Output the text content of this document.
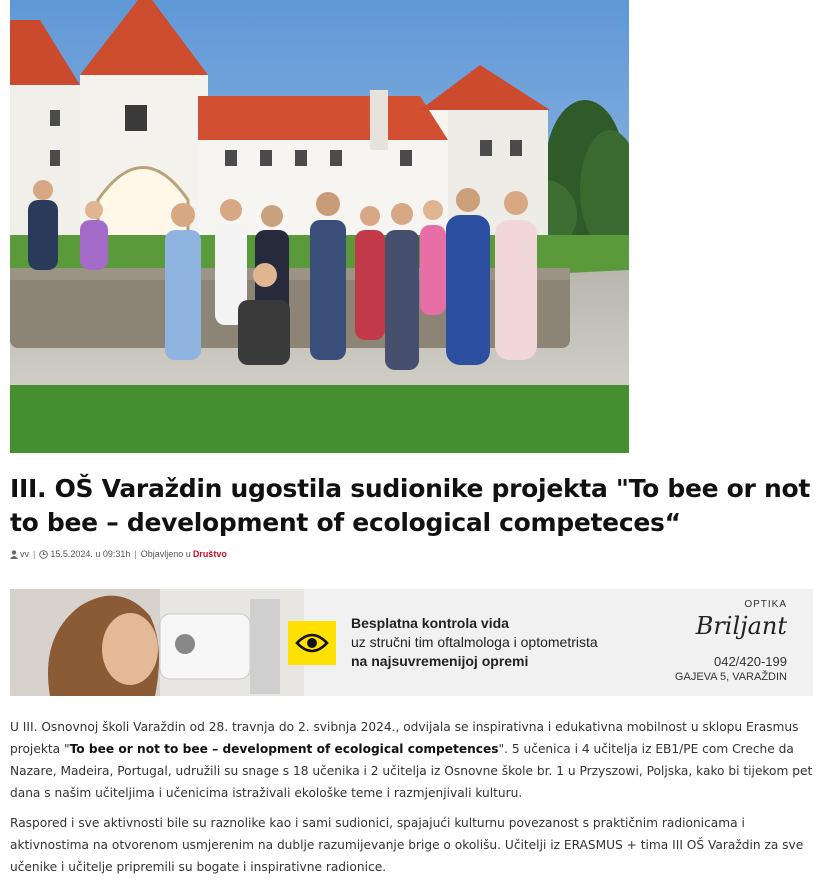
III. OŠ Varaždin ugostila sudionike projekta "To bee or not to bee – development of ecological competeces“
vv | 15.5.2024. u 09:31h | Objavljeno u Društvo
Besplatna kontrola vida
uz stručni tim oftalmologa i optometrista
na najsuvremenijoj opremi
OPTIKA
Briljant
042/420-199
GAJEVA 5, VARAŽDIN

U III. Osnovnoj školi Varaždin od 28. travnja do 2. svibnja 2024., odvijala se inspirativna i edukativna mobilnost u sklopu Erasmus projekta "To bee or not to bee – development of ecological competences". 5 učenica i 4 učitelja iz EB1/PE com Creche da Nazare, Madeira, Portugal, udružili su snage s 18 učenika i 2 učitelja iz Osnovne škole br. 1 u Przyszowi, Poljska, kako bi tijekom pet dana s našim učiteljima i učenicima istraživali ekološke teme i razmjenjivali kulturu.

Raspored i sve aktivnosti bile su raznolike kao i sami sudionici, spajajući kulturnu povezanost s praktičnim radionicama i aktivnostima na otvorenom usmjerenim na dublje razumijevanje brige o okolišu. Učitelji iz ERASMUS + tima III OŠ Varaždin za sve učenike i učitelje pripremili su bogate i inspirativne radionice.
